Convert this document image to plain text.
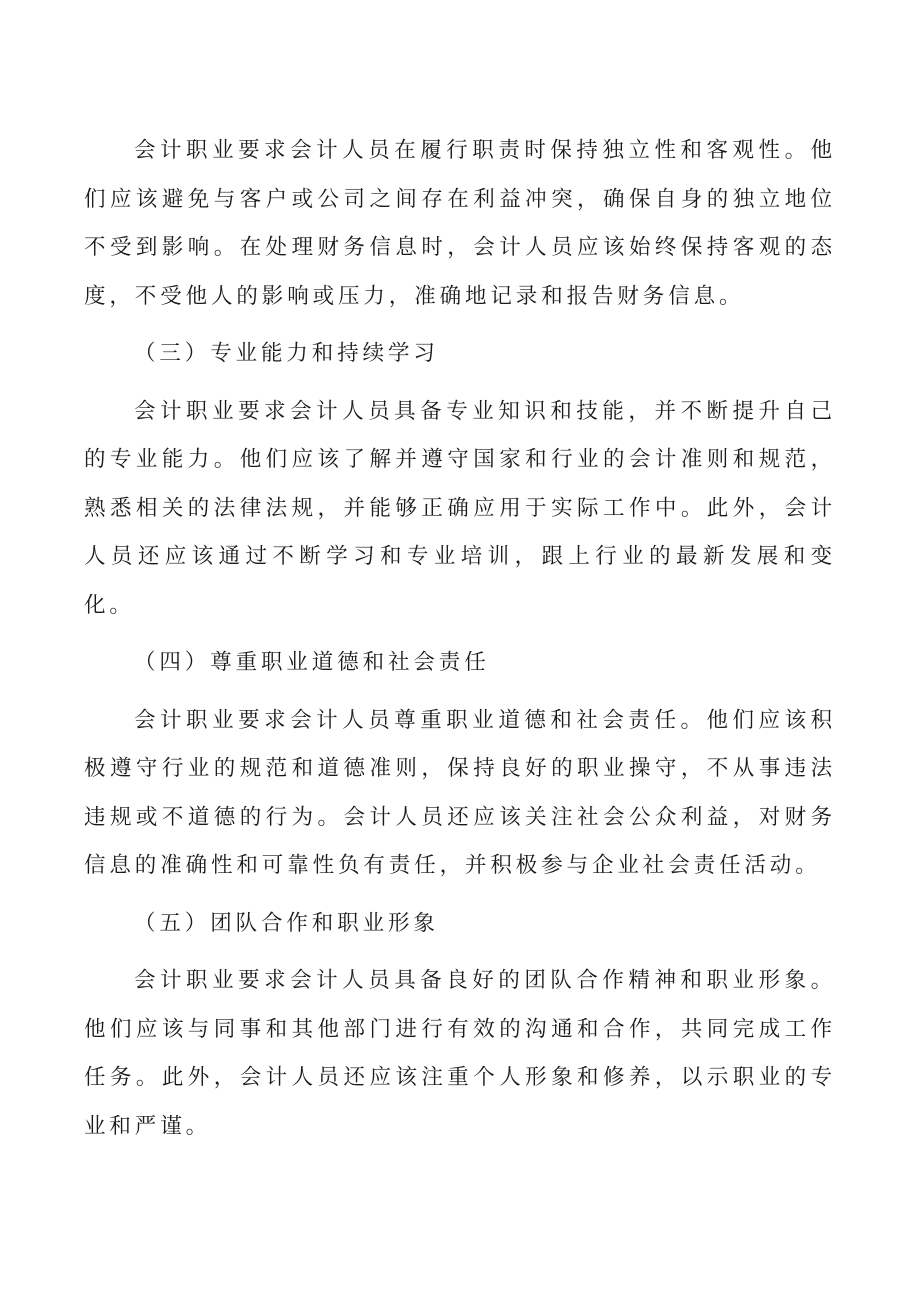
会计职业要求会计人员在履行职责时保持独立性和客观性。他们应该避免与客户或公司之间存在利益冲突，确保自身的独立地位不受到影响。在处理财务信息时，会计人员应该始终保持客观的态度，不受他人的影响或压力，准确地记录和报告财务信息。

（三）专业能力和持续学习

会计职业要求会计人员具备专业知识和技能，并不断提升自己的专业能力。他们应该了解并遵守国家和行业的会计准则和规范，熟悉相关的法律法规，并能够正确应用于实际工作中。此外，会计人员还应该通过不断学习和专业培训，跟上行业的最新发展和变化。

（四）尊重职业道德和社会责任

会计职业要求会计人员尊重职业道德和社会责任。他们应该积极遵守行业的规范和道德准则，保持良好的职业操守，不从事违法违规或不道德的行为。会计人员还应该关注社会公众利益，对财务信息的准确性和可靠性负有责任，并积极参与企业社会责任活动。

（五）团队合作和职业形象

会计职业要求会计人员具备良好的团队合作精神和职业形象。他们应该与同事和其他部门进行有效的沟通和合作，共同完成工作任务。此外，会计人员还应该注重个人形象和修养，以示职业的专业和严谨。
